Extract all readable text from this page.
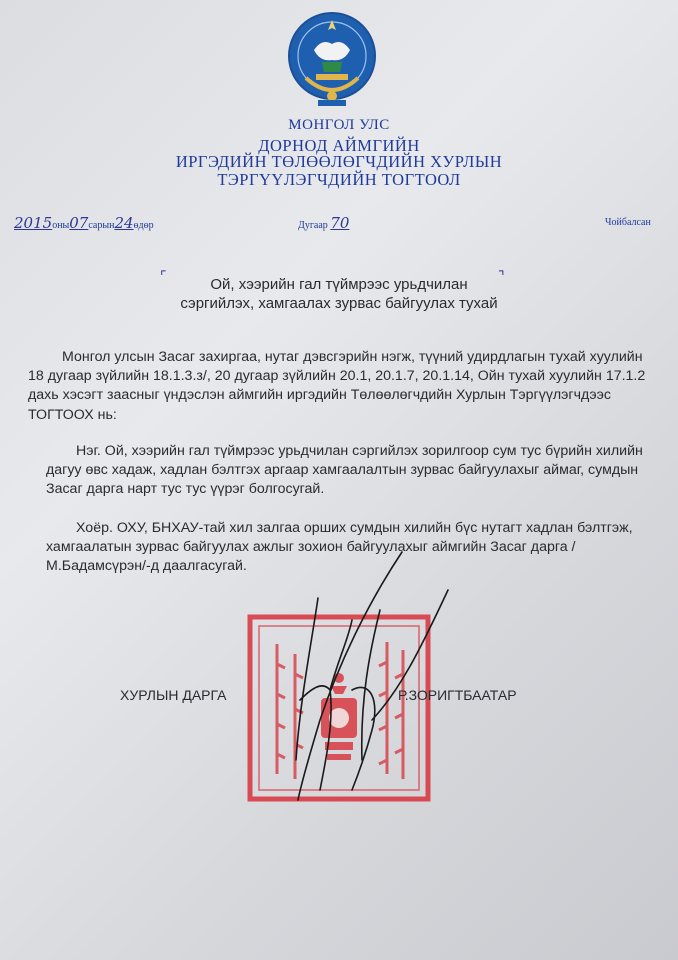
МОНГОЛ УЛС
ДОРНОД АЙМГИЙН
ИРГЭДИЙН ТӨЛӨӨЛӨГЧДИЙН ХУРЛЫН
ТЭРГҮҮЛЭГЧДИЙН ТОГТООЛ
2015оны07сарын24өдөр	Дугаар 70	Чойбалсан
⌜	⌝
Ой, хээрийн гал түймрээс урьдчилан
сэргийлэх, хамгаалах зурвас байгуулах тухай
Монгол улсын Засаг захиргаа, нутаг дэвсгэрийн нэгж, түүний удирдлагын тухай хуулийн 18 дугаар зүйлийн 18.1.3.з/, 20 дугаар зүйлийн 20.1, 20.1.7, 20.1.14, Ойн тухай хуулийн 17.1.2 дахь хэсэгт заасныг үндэслэн аймгийн иргэдийн Төлөөлөгчдийн Хурлын Тэргүүлэгчдээс ТОГТООХ нь:
Нэг. Ой, хээрийн гал түймрээс урьдчилан сэргийлэх зорилгоор сум тус бүрийн хилийн дагуу өвс хадаж, хадлан бэлтгэх аргаар хамгаалалтын зурвас байгуулахыг аймаг, сумдын Засаг дарга нарт тус тус үүрэг болгосугай.
Хоёр. ОХУ, БНХАУ-тай хил залгаа орших сумдын хилийн бүс нутагт хадлан бэлтгэж, хамгаалатын зурвас байгуулах ажлыг зохион байгуулахыг аймгийн Засаг дарга /М.Бадамсүрэн/-д даалгасугай.
ХУРЛЫН ДАРГА	Р.ЗОРИГТБААТАР
